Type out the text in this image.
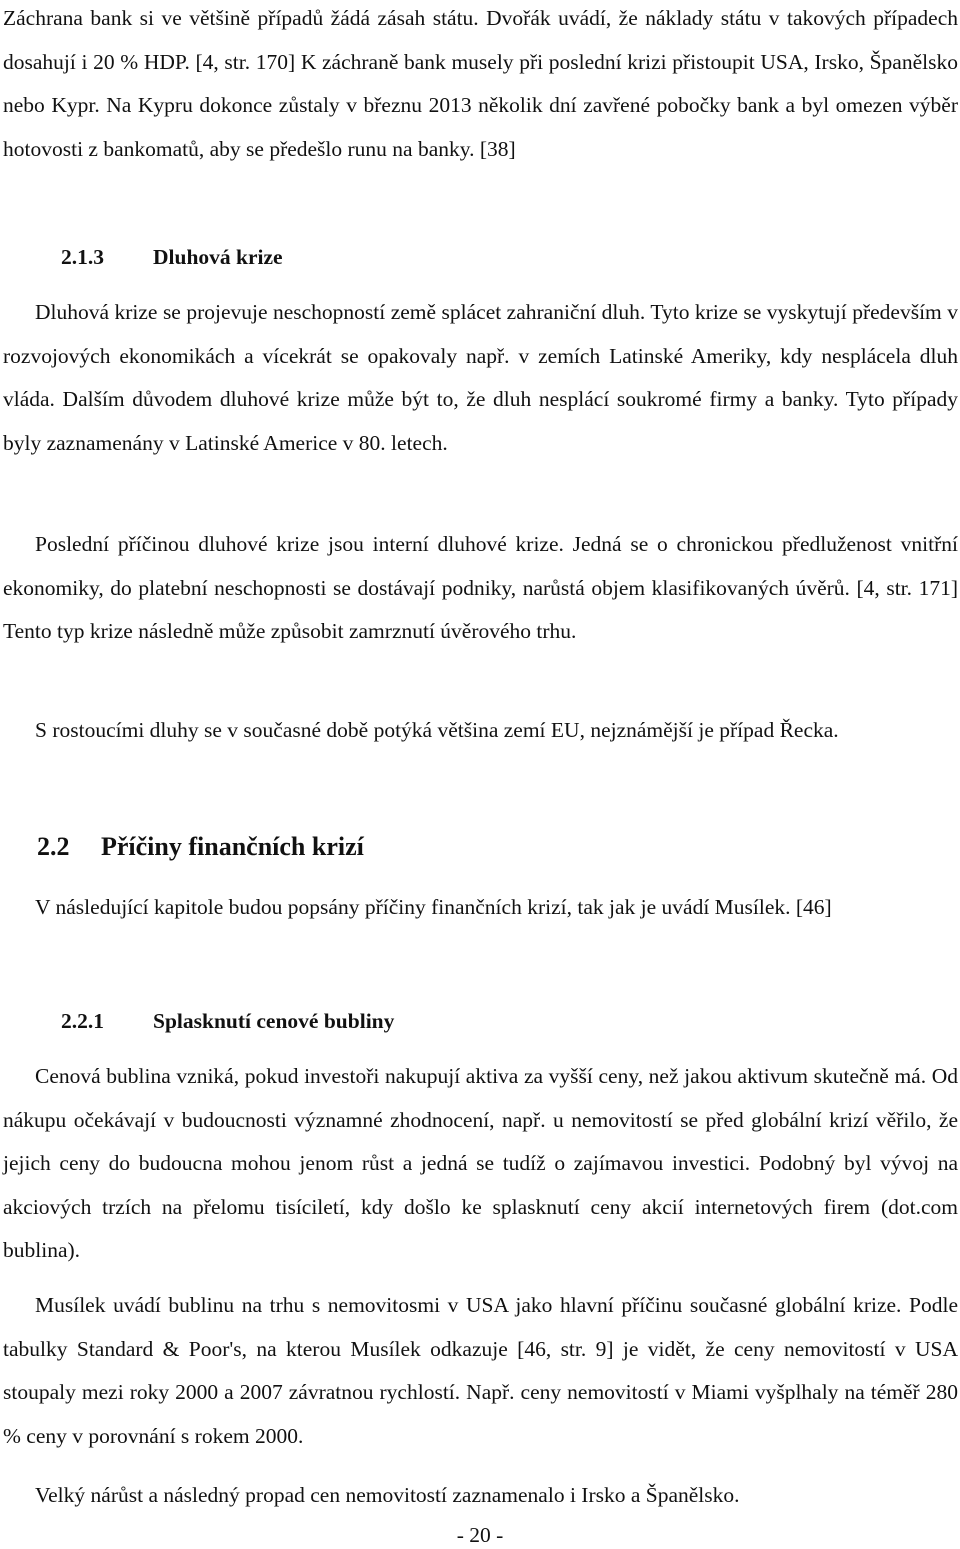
Záchrana bank si ve většině případů žádá zásah státu. Dvořák uvádí, že náklady státu v takových případech dosahují i 20 % HDP. [4, str. 170] K záchraně bank musely při poslední krizi přistoupit USA, Irsko, Španělsko nebo Kypr. Na Kypru dokonce zůstaly v březnu 2013 několik dní zavřené pobočky bank a byl omezen výběr hotovosti z bankomatů, aby se předešlo runu na banky. [38]

2.1.3 Dluhová krize

Dluhová krize se projevuje neschopností země splácet zahraniční dluh. Tyto krize se vyskytují především v rozvojových ekonomikách a vícekrát se opakovaly např. v zemích Latinské Ameriky, kdy nesplácela dluh vláda. Dalším důvodem dluhové krize může být to, že dluh nesplácí soukromé firmy a banky. Tyto případy byly zaznamenány v Latinské Americe v 80. letech.

Poslední příčinou dluhové krize jsou interní dluhové krize. Jedná se o chronickou předluženost vnitřní ekonomiky, do platební neschopnosti se dostávají podniky, narůstá objem klasifikovaných úvěrů. [4, str. 171] Tento typ krize následně může způsobit zamrznutí úvěrového trhu.

S rostoucími dluhy se v současné době potýká většina zemí EU, nejznámější je případ Řecka.

2.2 Příčiny finančních krizí

V následující kapitole budou popsány příčiny finančních krizí, tak jak je uvádí Musílek. [46]

2.2.1 Splasknutí cenové bubliny

Cenová bublina vzniká, pokud investoři nakupují aktiva za vyšší ceny, než jakou aktivum skutečně má. Od nákupu očekávají v budoucnosti významné zhodnocení, např. u nemovitostí se před globální krizí věřilo, že jejich ceny do budoucna mohou jenom růst a jedná se tudíž o zajímavou investici. Podobný byl vývoj na akciových trzích na přelomu tisíciletí, kdy došlo ke splasknutí ceny akcií internetových firem (dot.com bublina).

Musílek uvádí bublinu na trhu s nemovitosmi v USA jako hlavní příčinu současné globální krize. Podle tabulky Standard & Poor's, na kterou Musílek odkazuje [46, str. 9] je vidět, že ceny nemovitostí v USA stoupaly mezi roky 2000 a 2007 závratnou rychlostí. Např. ceny nemovitostí v Miami vyšplhaly na téměř 280 % ceny v porovnání s rokem 2000.

Velký nárůst a následný propad cen nemovitostí zaznamenalo i Irsko a Španělsko.

- 20 -
